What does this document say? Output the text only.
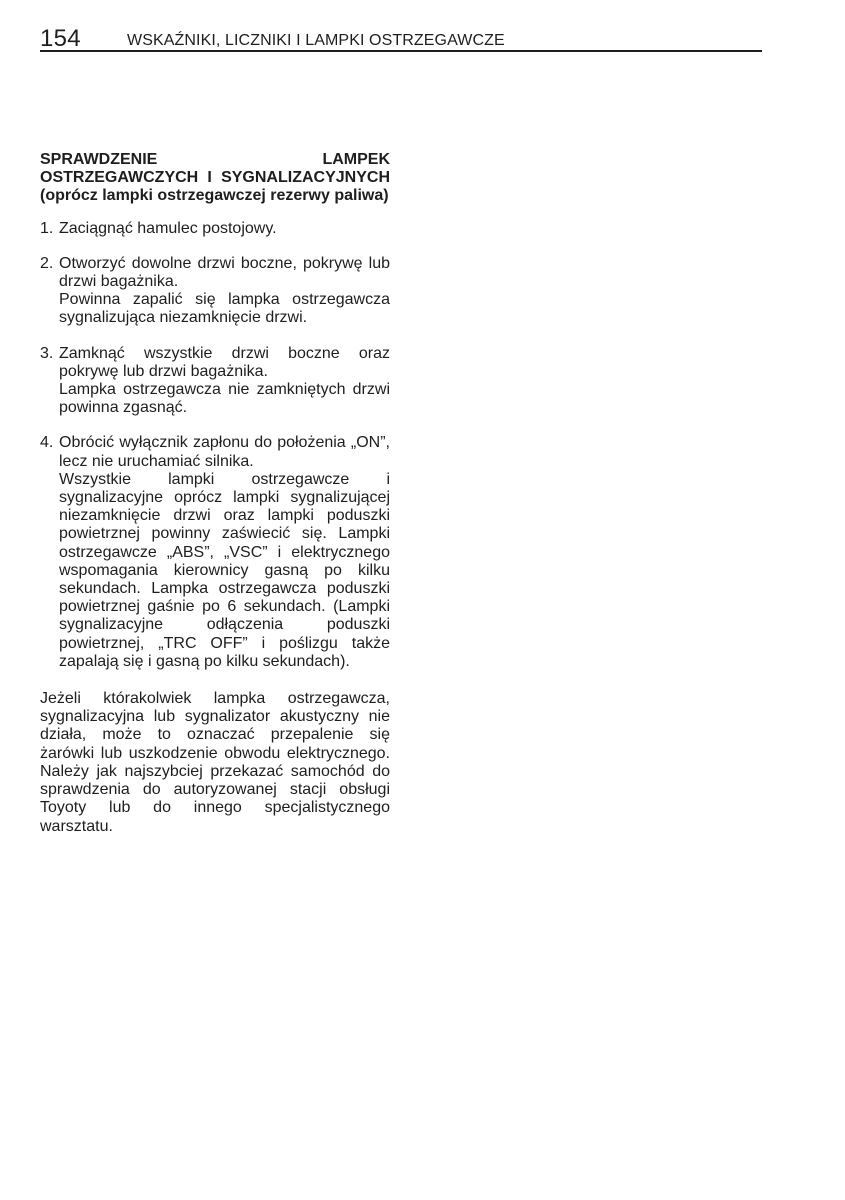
154	WSKAŹNIKI, LICZNIKI I LAMPKI OSTRZEGAWCZE

SPRAWDZENIE LAMPEK OSTRZEGAWCZYCH I SYGNALIZACYJNYCH (oprócz lampki ostrzegawczej rezerwy paliwa)

1. Zaciągnąć hamulec postojowy.

2. Otworzyć dowolne drzwi boczne, pokrywę lub drzwi bagażnika.

Powinna zapalić się lampka ostrzegawcza sygnalizująca niezamknięcie drzwi.

3. Zamknąć wszystkie drzwi boczne oraz pokrywę lub drzwi bagażnika.

Lampka ostrzegawcza nie zamkniętych drzwi powinna zgasnąć.

4. Obrócić wyłącznik zapłonu do położenia „ON”, lecz nie uruchamiać silnika.

Wszystkie lampki ostrzegawcze i sygnalizacyjne oprócz lampki sygnalizującej niezamknięcie drzwi oraz lampki poduszki powietrznej powinny zaświecić się. Lampki ostrzegawcze „ABS”, „VSC” i elektrycznego wspomagania kierownicy gasną po kilku sekundach. Lampka ostrzegawcza poduszki powietrznej gaśnie po 6 sekundach. (Lampki sygnalizacyjne odłączenia poduszki powietrznej, „TRC OFF” i poślizgu także zapalają się i gasną po kilku sekundach).

Jeżeli którakolwiek lampka ostrzegawcza, sygnalizacyjna lub sygnalizator akustyczny nie działa, może to oznaczać przepalenie się żarówki lub uszkodzenie obwodu elektrycznego. Należy jak najszybciej przekazać samochód do sprawdzenia do autoryzowanej stacji obsługi Toyoty lub do innego specjalistycznego warsztatu.
